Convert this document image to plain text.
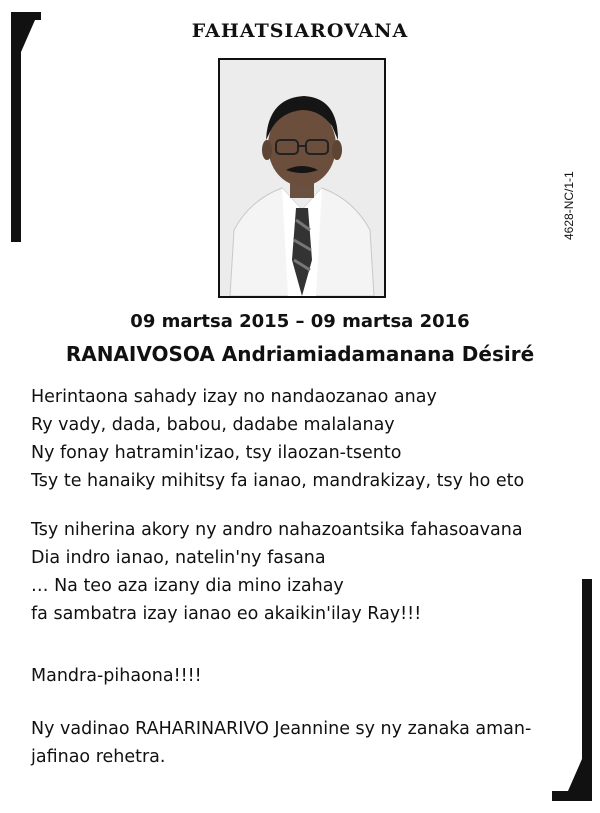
FAHATSIAROVANA
4628-NC/1-1
09 martsa 2015 – 09 martsa 2016
RANAIVOSOA Andriamiadamanana Désiré
Herintaona sahady izay no nandaozanao anay
Ry vady, dada, babou, dadabe malalanay
Ny fonay hatramin'izao, tsy ilaozan-tsento
Tsy te hanaiky mihitsy fa ianao, mandrakizay, tsy ho eto
Tsy niherina akory ny andro nahazoantsika fahasoavana
Dia indro ianao, natelin'ny fasana
… Na teo aza izany dia mino izahay
fa sambatra izay ianao eo akaikin'ilay Ray!!!
Mandra-pihaona!!!!
Ny vadinao RAHARINARIVO Jeannine sy ny zanaka aman-
jafinao rehetra.
